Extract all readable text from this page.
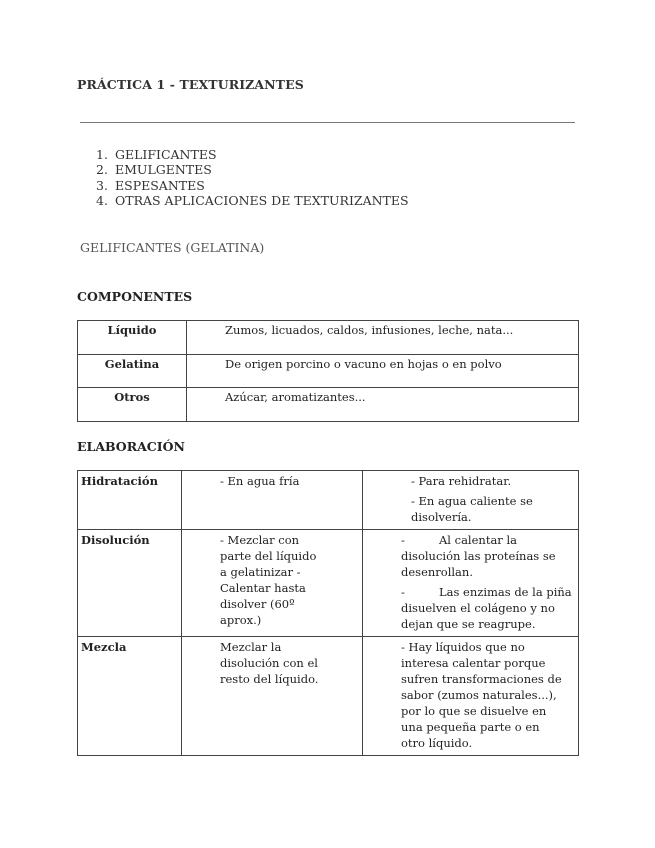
PRÁCTICA 1 - TEXTURIZANTES
1. GELIFICANTES
2. EMULGENTES
3. ESPESANTES
4. OTRAS APLICACIONES DE TEXTURIZANTES
GELIFICANTES (GELATINA)
COMPONENTES
Líquido	Zumos, licuados, caldos, infusiones, leche, nata...
Gelatina	De origen porcino o vacuno en hojas o en polvo
Otros	Azúcar, aromatizantes...
ELABORACIÓN
Hidratación	- En agua fría	- Para rehidratar.
- En agua caliente se disolvería.

Disolución	- Mezclar con parte del líquido a gelatinizar - Calentar hasta disolver (60º aprox.)	- Al calentar la disolución las proteínas se desenrollan.
- Las enzimas de la piña disuelven el colágeno y no dejan que se reagrupe.

Mezcla	Mezclar la disolución con el resto del líquido.	- Hay líquidos que no interesa calentar porque sufren transformaciones de sabor (zumos naturales...), por lo que se disuelve en una pequeña parte o en otro líquido.
